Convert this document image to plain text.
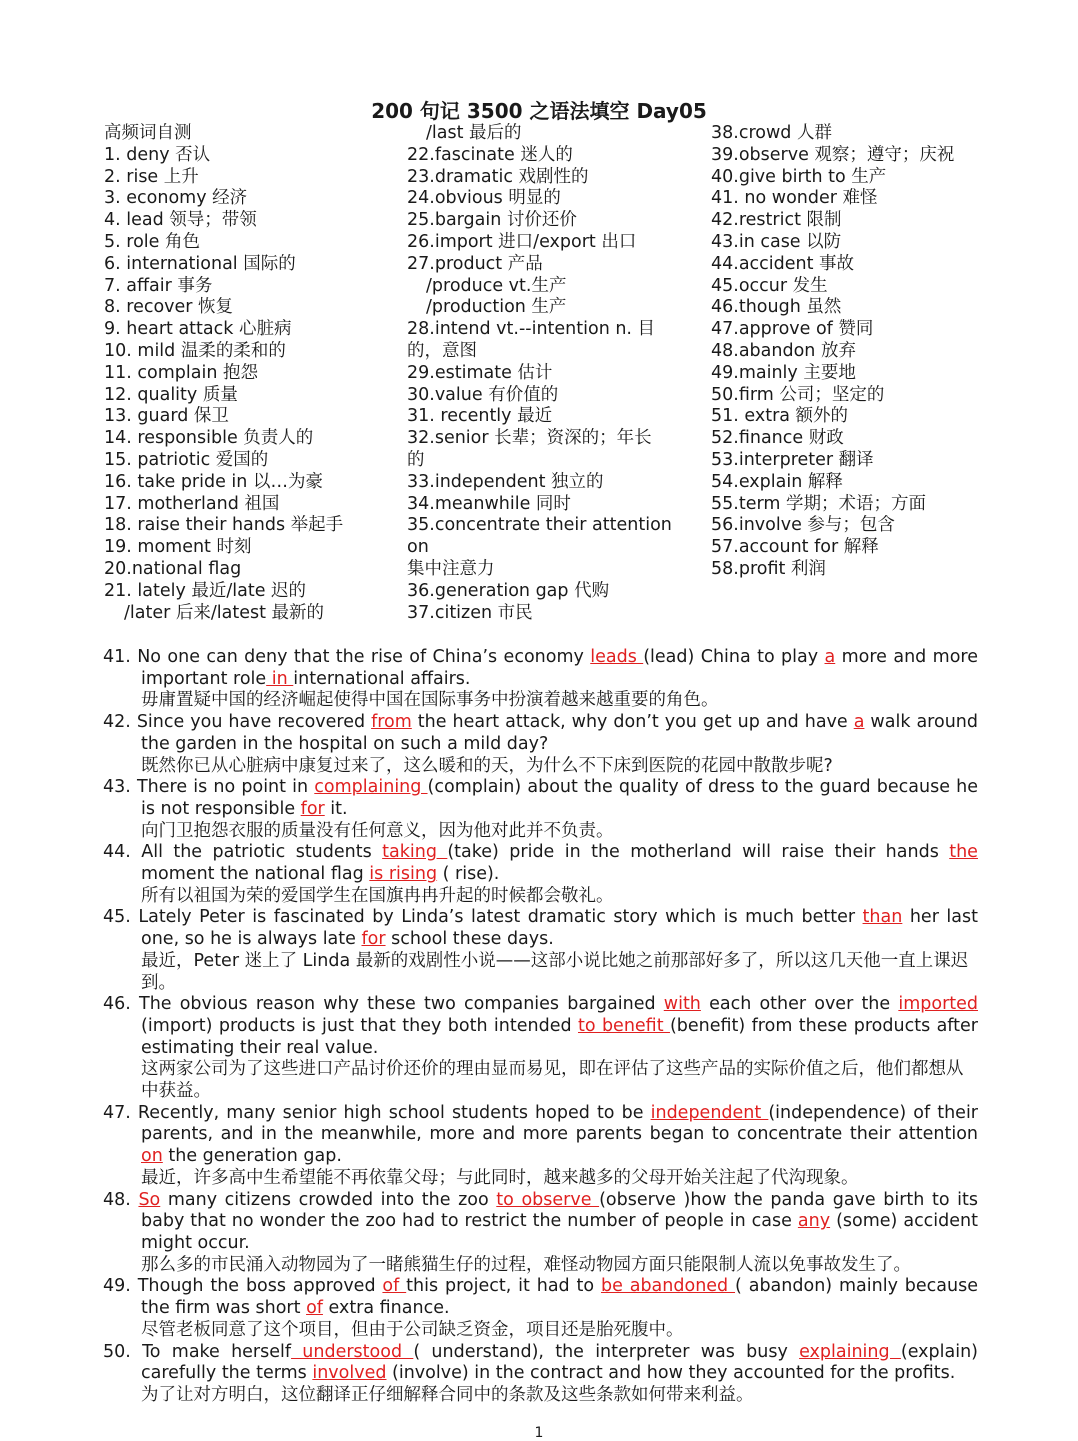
200 句记 3500 之语法填空 Day05
高频词自测
1. deny 否认
2. rise 上升
3. economy 经济
4. lead 领导；带领
5. role 角色
6. international 国际的
7. affair 事务
8. recover 恢复
9. heart attack 心脏病
10. mild 温柔的柔和的
11. complain 抱怨
12. quality 质量
13. guard 保卫
14. responsible 负责人的
15. patriotic 爱国的
16. take pride in 以…为豪
17. motherland 祖国
18. raise their hands 举起手
19. moment 时刻
20.national flag
21. lately 最近/late 迟的
/later 后来/latest 最新的
/last 最后的
22.fascinate 迷人的
23.dramatic 戏剧性的
24.obvious 明显的
25.bargain 讨价还价
26.import 进口/export 出口
27.product 产品
/produce vt.生产
/production 生产
28.intend vt.--intention n. 目
的，意图
29.estimate 估计
30.value 有价值的
31. recently 最近
32.senior 长辈；资深的；年长
的
33.independent 独立的
34.meanwhile 同时
35.concentrate their attention
on
集中注意力
36.generation gap 代购
37.citizen 市民
38.crowd 人群
39.observe 观察；遵守；庆祝
40.give birth to 生产
41. no wonder 难怪
42.restrict 限制
43.in case 以防
44.accident 事故
45.occur 发生
46.though 虽然
47.approve of 赞同
48.abandon 放弃
49.mainly 主要地
50.firm 公司；坚定的
51. extra 额外的
52.finance 财政
53.interpreter 翻译
54.explain 解释
55.term 学期；术语；方面
56.involve 参与；包含
57.account for 解释
58.profit 利润
41. No one can deny that the rise of China’s economy leads (lead) China to play a more and more important role in international affairs.
毋庸置疑中国的经济崛起使得中国在国际事务中扮演着越来越重要的角色。
42. Since you have recovered from the heart attack, why don’t you get up and have a walk around the garden in the hospital on such a mild day?
既然你已从心脏病中康复过来了，这么暖和的天，为什么不下床到医院的花园中散散步呢?
43. There is no point in complaining (complain) about the quality of dress to the guard because he is not responsible for it.
向门卫抱怨衣服的质量没有任何意义，因为他对此并不负责。
44. All the patriotic students taking (take) pride in the motherland will raise their hands the moment the national flag is rising ( rise).
所有以祖国为荣的爱国学生在国旗冉冉升起的时候都会敬礼。
45. Lately Peter is fascinated by Linda’s latest dramatic story which is much better than her last one, so he is always late for school these days.
最近，Peter 迷上了 Linda 最新的戏剧性小说——这部小说比她之前那部好多了，所以这几天他一直上课迟到。
46. The obvious reason why these two companies bargained with each other over the imported (import) products is just that they both intended to benefit (benefit) from these products after estimating their real value.
这两家公司为了这些进口产品讨价还价的理由显而易见，即在评估了这些产品的实际价值之后，他们都想从中获益。
47. Recently, many senior high school students hoped to be independent (independence) of their parents, and in the meanwhile, more and more parents began to concentrate their attention on the generation gap.
最近，许多高中生希望能不再依靠父母；与此同时，越来越多的父母开始关注起了代沟现象。
48. So many citizens crowded into the zoo to observe (observe )how the panda gave birth to its baby that no wonder the zoo had to restrict the number of people in case any (some) accident might occur.
那么多的市民涌入动物园为了一睹熊猫生仔的过程，难怪动物园方面只能限制人流以免事故发生了。
49. Though the boss approved of this project, it had to be abandoned ( abandon) mainly because the firm was short of extra finance.
尽管老板同意了这个项目，但由于公司缺乏资金，项目还是胎死腹中。
50. To make herself understood ( understand), the interpreter was busy explaining (explain) carefully the terms involved (involve) in the contract and how they accounted for the profits.
为了让对方明白，这位翻译正仔细解释合同中的条款及这些条款如何带来利益。
1
